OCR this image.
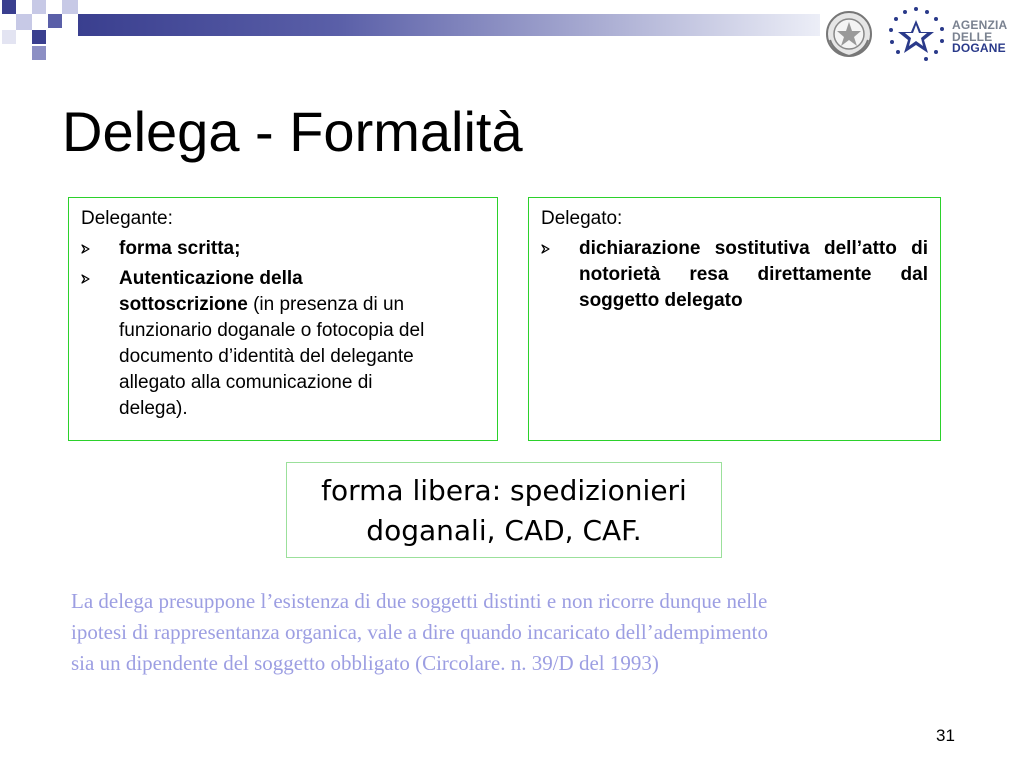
AGENZIA
DELLE
DOGANE
Delega - Formalità
Delegante:
forma scritta;
Autenticazione della
sottoscrizione (in presenza di un
funzionario doganale o fotocopia del
documento d’identità del delegante
allegato alla comunicazione di
delega).
Delegato:
dichiarazione sostitutiva dell’atto di notorietà resa direttamente dal soggetto delegato
forma libera: spedizionieri
doganali, CAD, CAF.
La delega presuppone l’esistenza di due soggetti distinti e non ricorre dunque nelle
ipotesi di rappresentanza organica, vale a dire quando incaricato dell’adempimento
sia un dipendente del soggetto obbligato (Circolare. n. 39/D del 1993)
31
